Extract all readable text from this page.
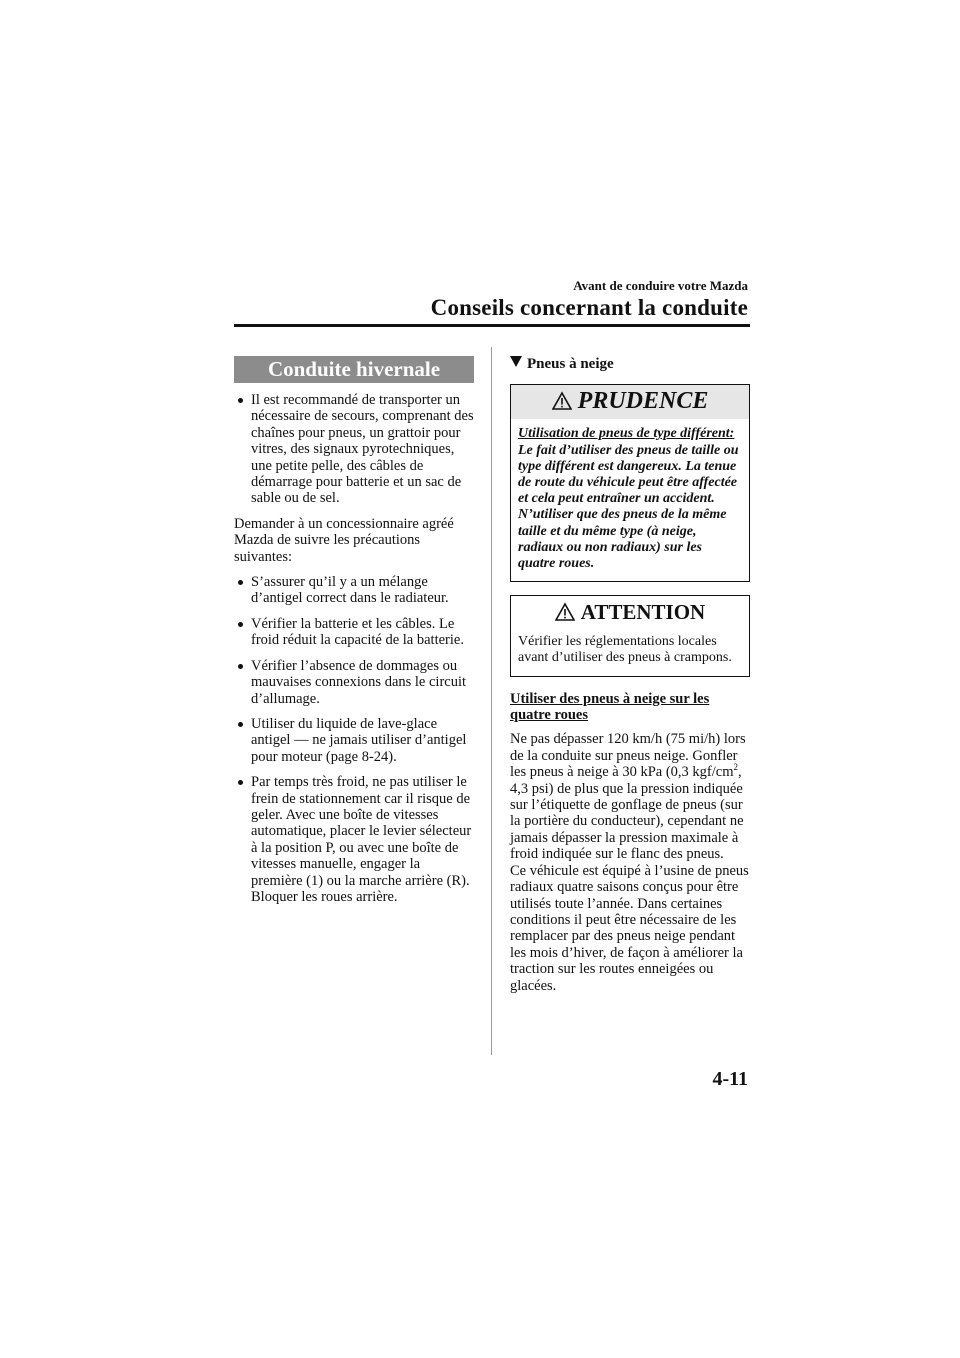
Avant de conduire votre Mazda
Conseils concernant la conduite
Conduite hivernale
Il est recommandé de transporter un nécessaire de secours, comprenant des chaînes pour pneus, un grattoir pour vitres, des signaux pyrotechniques, une petite pelle, des câbles de démarrage pour batterie et un sac de sable ou de sel.
Demander à un concessionnaire agréé Mazda de suivre les précautions suivantes:
S’assurer qu’il y a un mélange d’antigel correct dans le radiateur.
Vérifier la batterie et les câbles. Le froid réduit la capacité de la batterie.
Vérifier l’absence de dommages ou mauvaises connexions dans le circuit d’allumage.
Utiliser du liquide de lave-glace antigel — ne jamais utiliser d’antigel pour moteur (page 8-24).
Par temps très froid, ne pas utiliser le frein de stationnement car il risque de geler. Avec une boîte de vitesses automatique, placer le levier sélecteur à la position P, ou avec une boîte de vitesses manuelle, engager la première (1) ou la marche arrière (R). Bloquer les roues arrière.
Pneus à neige
PRUDENCE
Utilisation de pneus de type différent:
Le fait d’utiliser des pneus de taille ou type différent est dangereux. La tenue de route du véhicule peut être affectée et cela peut entraîner un accident. N’utiliser que des pneus de la même taille et du même type (à neige, radiaux ou non radiaux) sur les quatre roues.
ATTENTION
Vérifier les réglementations locales avant d’utiliser des pneus à crampons.
Utiliser des pneus à neige sur les quatre roues
Ne pas dépasser 120 km/h (75 mi/h) lors de la conduite sur pneus neige. Gonfler les pneus à neige à 30 kPa (0,3 kgf/$cm^2$, 4,3 psi) de plus que la pression indiquée sur l’étiquette de gonflage de pneus (sur la portière du conducteur), cependant ne jamais dépasser la pression maximale à froid indiquée sur le flanc des pneus.
Ce véhicule est équipé à l’usine de pneus radiaux quatre saisons conçus pour être utilisés toute l’année. Dans certaines conditions il peut être nécessaire de les remplacer par des pneus neige pendant les mois d’hiver, de façon à améliorer la traction sur les routes enneigées ou glacées.
4-11
